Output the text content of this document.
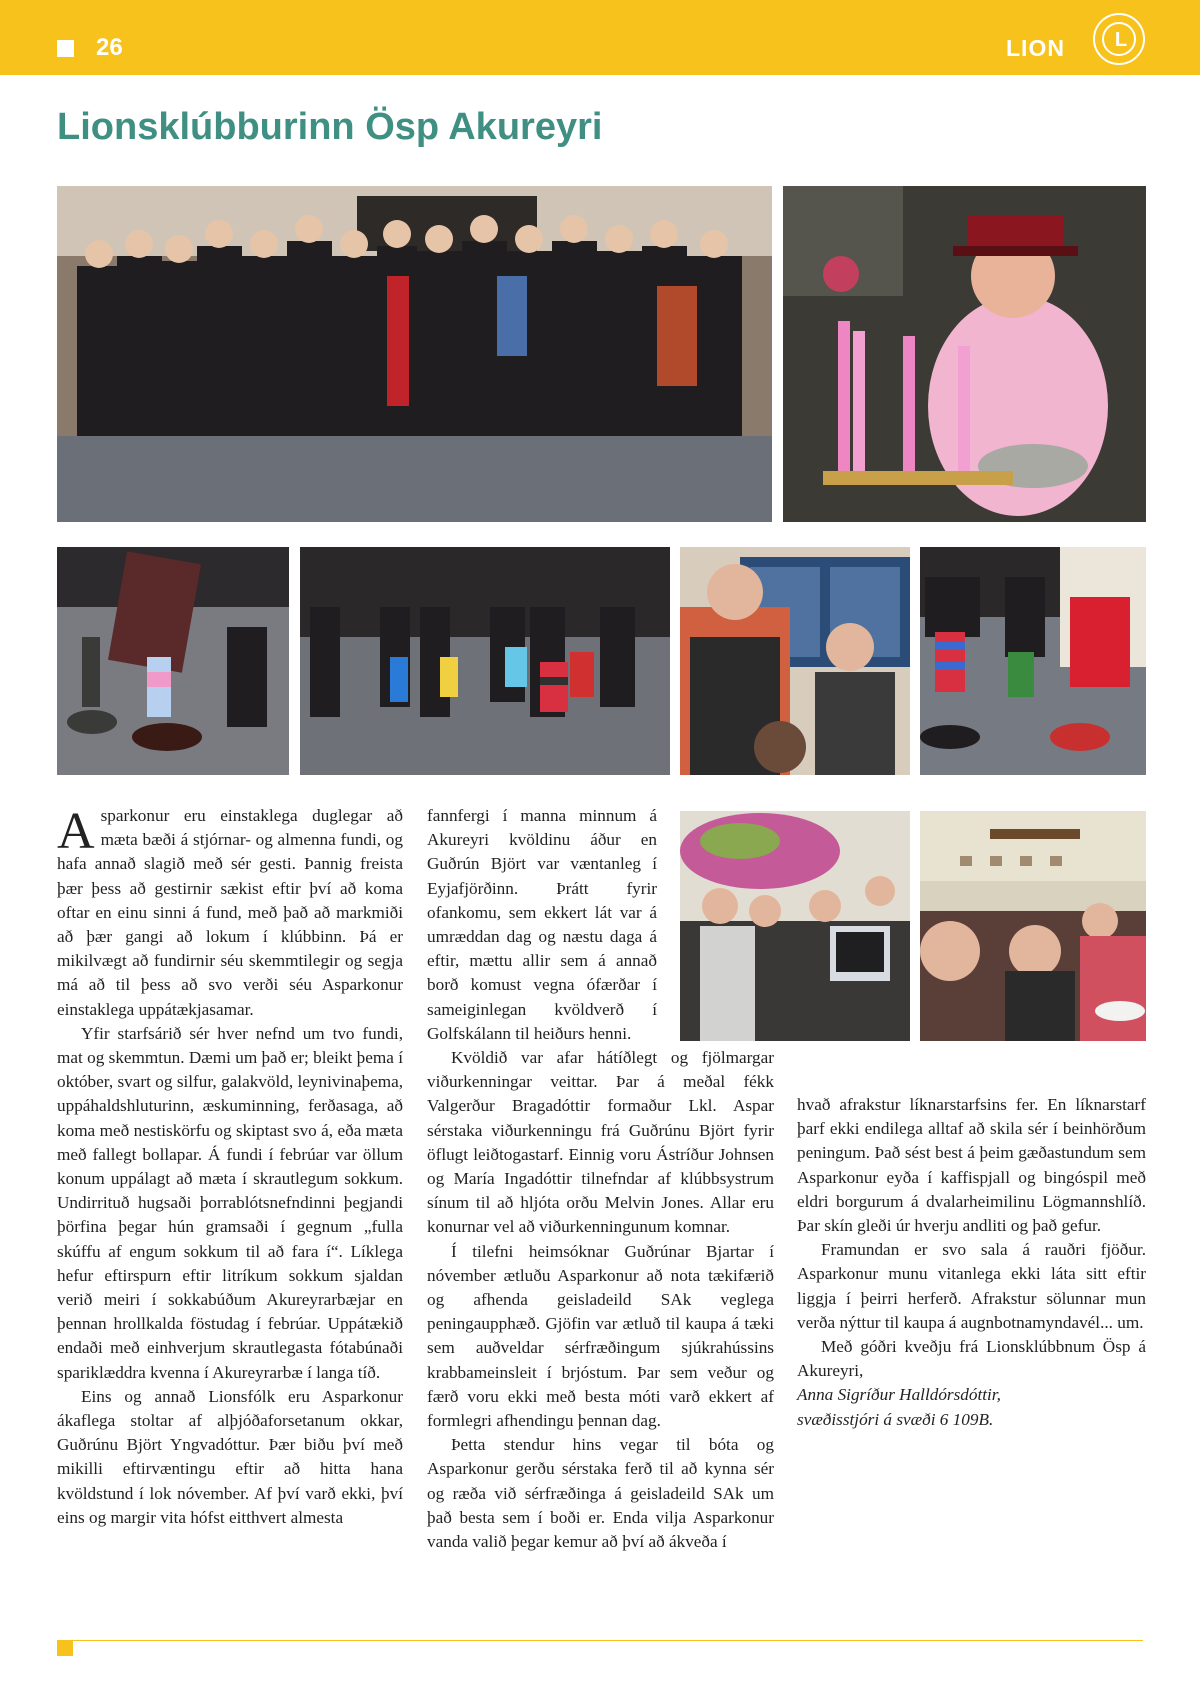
26	LION	L
Lionsklúbburinn Ösp Akureyri

Asparkonur eru einstaklega duglegar að mæta bæði á stjórnar- og almenna fundi, og hafa annað slagið með sér gesti. Þannig freista þær þess að gestirnir sækist eftir því að koma oftar en einu sinni á fund, með það að markmiði að þær gangi að lokum í klúbbinn. Þá er mikilvægt að fundirnir séu skemmtilegir og segja má að til þess að svo verði séu Asparkonur einstaklega uppátækjasamar.

Yfir starfsárið sér hver nefnd um tvo fundi, mat og skemmtun. Dæmi um það er; bleikt þema í október, svart og silfur, galakvöld, leynivinaþema, uppáhaldshluturinn, æskuminning, ferðasaga, að koma með nestiskörfu og skiptast svo á, eða mæta með fallegt bollapar. Á fundi í febrúar var öllum konum uppálagt að mæta í skrautlegum sokkum. Undirrituð hugsaði þorrablótsnefndinni þegjandi þörfina þegar hún gramsaði í gegnum „fulla skúffu af engum sokkum til að fara í“. Líklega hefur eftirspurn eftir litríkum sokkum sjaldan verið meiri í sokkabúðum Akureyrarbæjar en þennan hrollkalda föstudag í febrúar. Uppátækið endaði með einhverjum skrautlegasta fótabúnaði spariklæddra kvenna í Akureyrarbæ í langa tíð.

Eins og annað Lionsfólk eru Asparkonur ákaflega stoltar af alþjóðaforsetanum okkar, Guðrúnu Björt Yngvadóttur. Þær biðu því með mikilli eftirvæntingu eftir að hitta hana kvöldstund í lok nóvember. Af því varð ekki, því eins og margir vita hófst eitthvert almesta

fannfergi í manna minnum á Akureyri kvöldinu áður en Guðrún Björt var væntanleg í Eyjafjörðinn. Þrátt fyrir ofankomu, sem ekkert lát var á umræddan dag og næstu daga á eftir, mættu allir sem á annað borð komust vegna ófærðar í sameiginlegan kvöldverð í Golfskálann til heiðurs henni.

Kvöldið var afar hátíðlegt og fjölmargar viðurkenningar veittar. Þar á meðal fékk Valgerður Bragadóttir formaður Lkl. Aspar sérstaka viðurkenningu frá Guðrúnu Björt fyrir öflugt leiðtogastarf. Einnig voru Ástríður Johnsen og María Ingadóttir tilnefndar af klúbbsystrum sínum til að hljóta orðu Melvin Jones. Allar eru konurnar vel að viðurkenningunum komnar.

Í tilefni heimsóknar Guðrúnar Bjartar í nóvember ætluðu Asparkonur að nota tækifærið og afhenda geisladeild SAk veglega peningaupphæð. Gjöfin var ætluð til kaupa á tæki sem auðveldar sérfræðingum sjúkrahússins krabbameinsleit í brjóstum. Þar sem veður og færð voru ekki með besta móti varð ekkert af formlegri afhendingu þennan dag.

Þetta stendur hins vegar til bóta og Asparkonur gerðu sérstaka ferð til að kynna sér og ræða við sérfræðinga á geisladeild SAk um það besta sem í boði er. Enda vilja Asparkonur vanda valið þegar kemur að því að ákveða í

hvað afrakstur líknarstarfsins fer. En líknarstarf þarf ekki endilega alltaf að skila sér í beinhörðum peningum. Það sést best á þeim gæðastundum sem Asparkonur eyða í kaffispjall og bingóspil með eldri borgurum á dvalarheimilinu Lögmannshlíð. Þar skín gleði úr hverju andliti og það gefur.

Framundan er svo sala á rauðri fjöður. Asparkonur munu vitanlega ekki láta sitt eftir liggja í þeirri herferð. Afrakstur sölunnar mun verða nýttur til kaupa á augnbotnamyndavél... um.

Með góðri kveðju frá Lionsklúbbnum Ösp á Akureyri,

Anna Sigríður Halldórsdóttir,

svæðisstjóri á svæði 6 109B.
